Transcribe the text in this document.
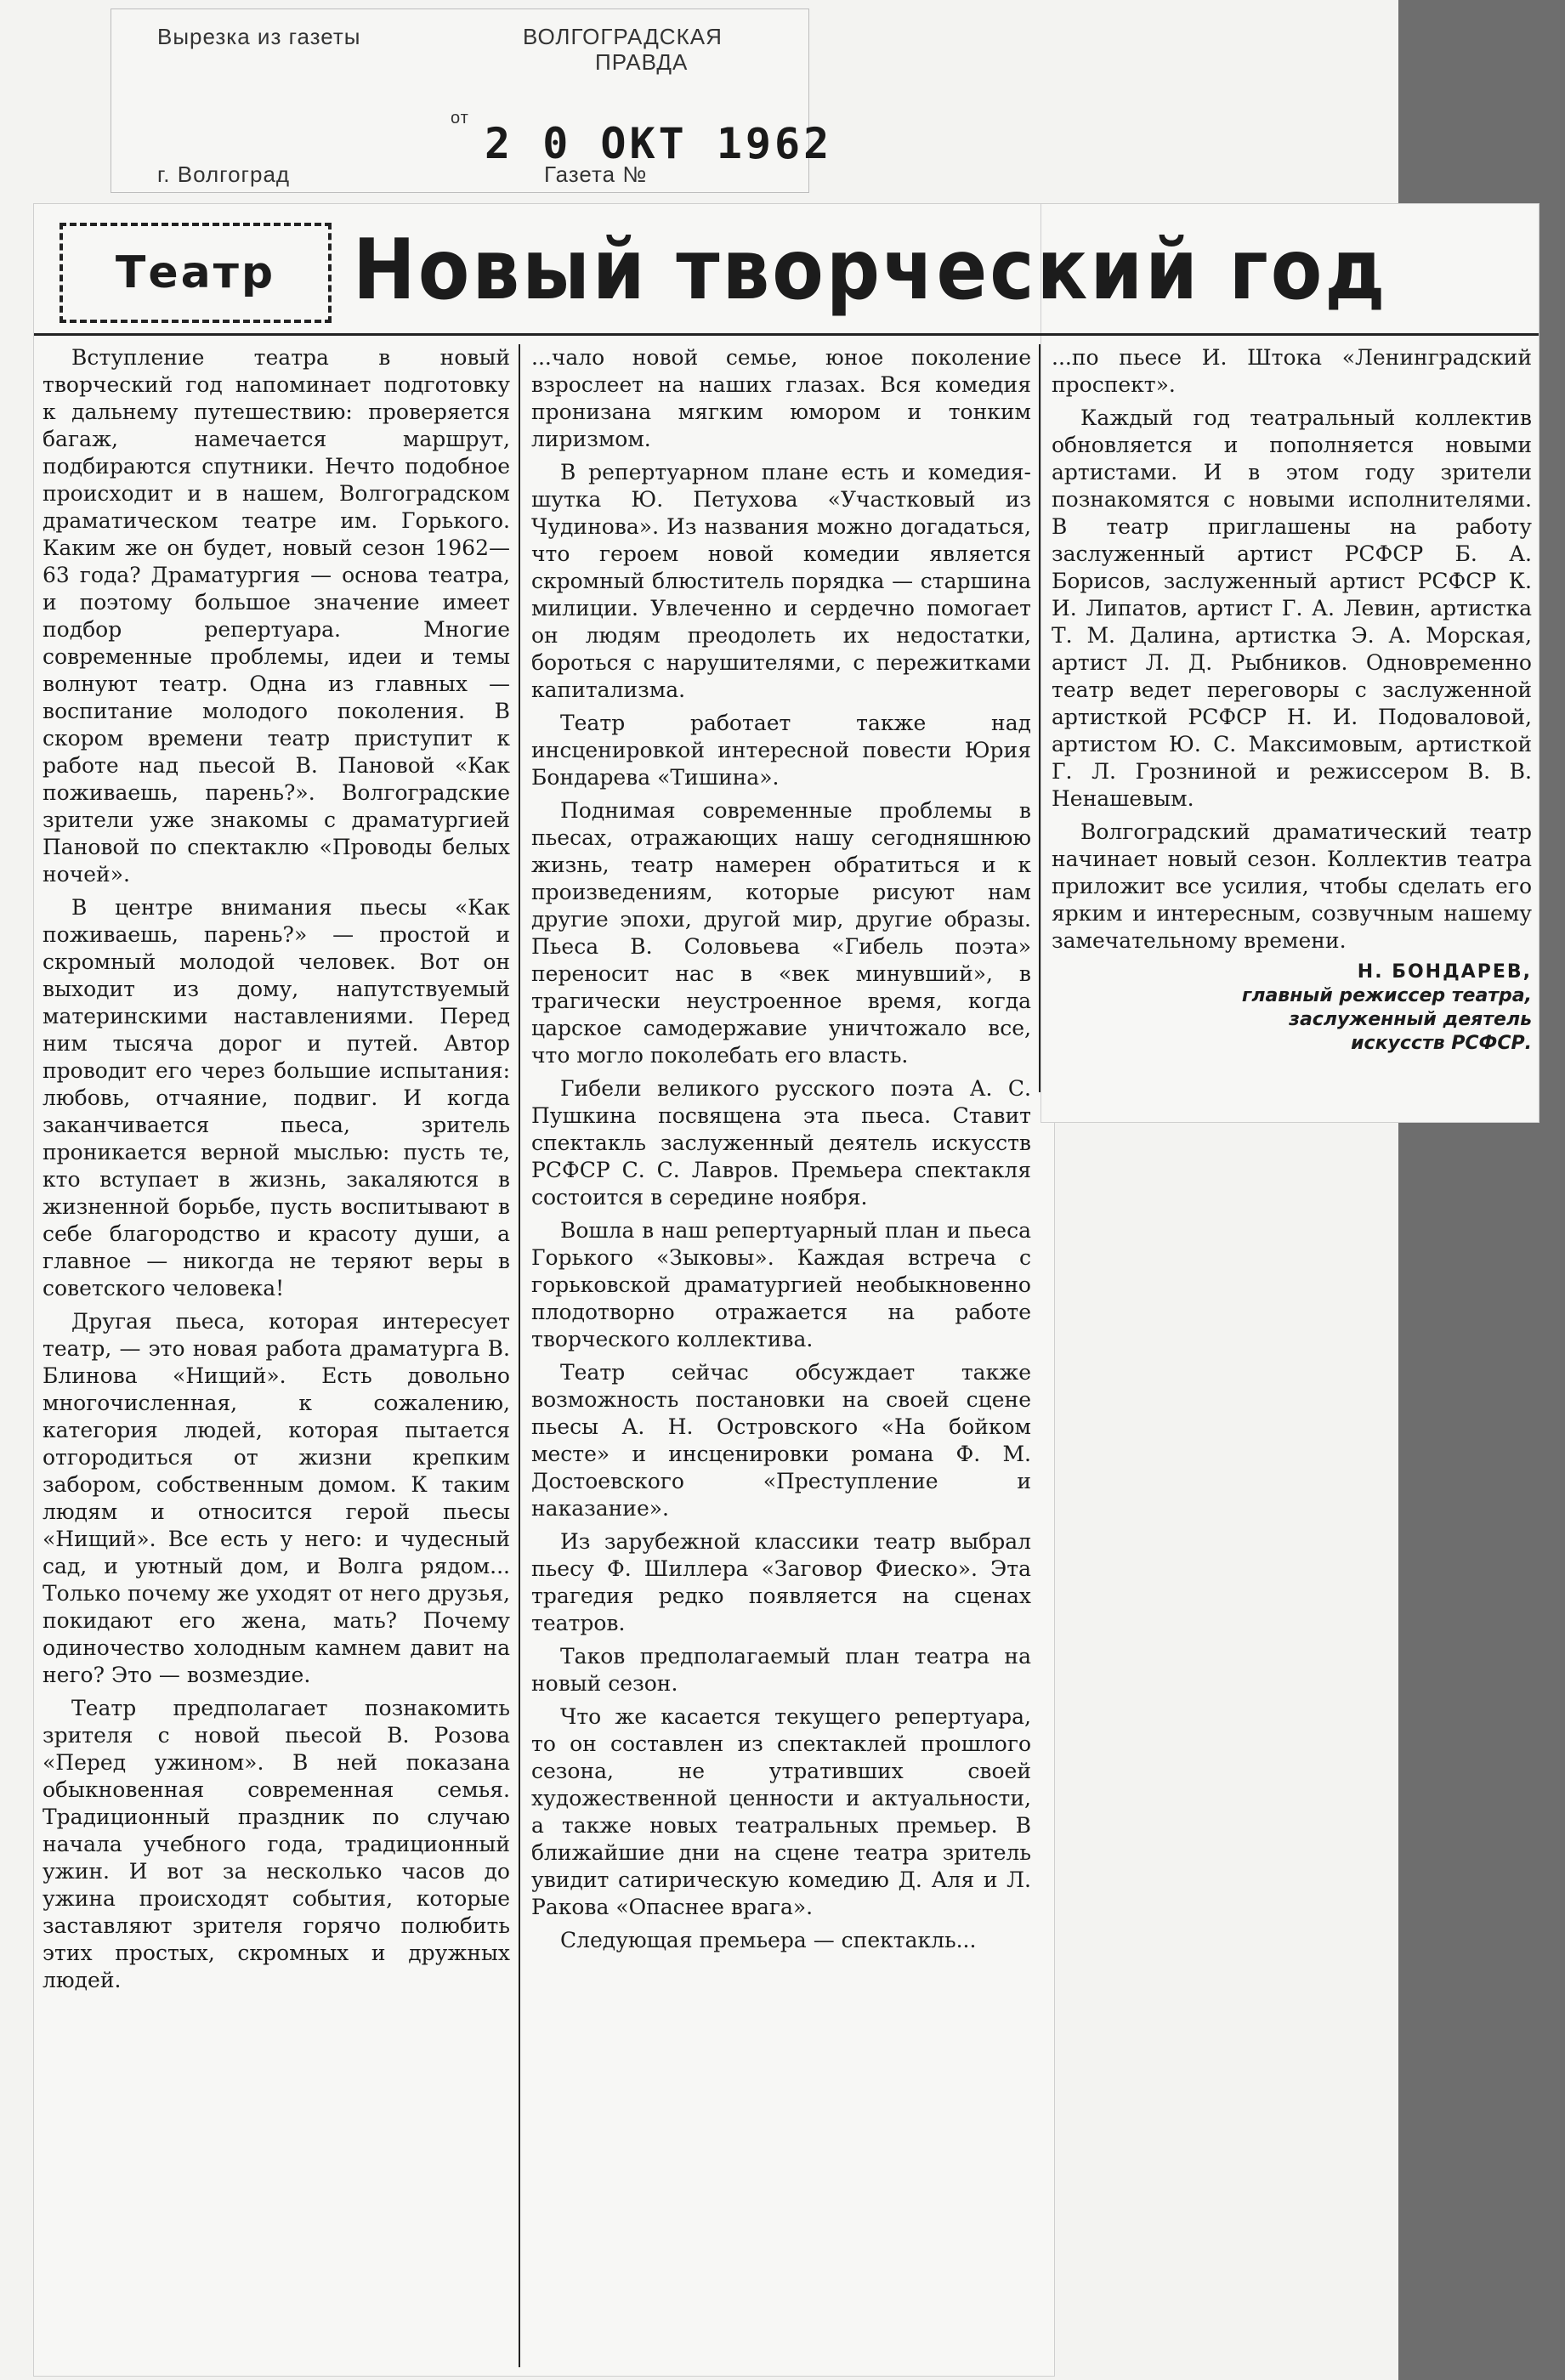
Вырезка из газеты	ВОЛГОГРАДСКАЯ
ПРАВДА
от
2 0 ОКТ 1962
г. Волгоград	Газета №
Театр Новый творческий год

Вступление театра в новый творческий год напоминает подготовку к дальнему путешествию: проверяется багаж, намечается маршрут, подбираются спутники. Нечто подобное происходит и в нашем, Волгоградском драматическом театре им. Горького. Каким же он будет, новый сезон 1962—63 года? Драматургия — основа театра, и поэтому большое значение имеет подбор репертуара. Многие современные проблемы, идеи и темы волнуют театр. Одна из главных — воспитание молодого поколения. В скором времени театр приступит к работе над пьесой В. Пановой «Как поживаешь, парень?». Волгоградские зрители уже знакомы с драматургией Пановой по спектаклю «Проводы белых ночей».

В центре внимания пьесы «Как поживаешь, парень?» — простой и скромный молодой человек. Вот он выходит из дому, напутствуемый материнскими наставлениями. Перед ним тысяча дорог и путей. Автор проводит его через большие испытания: любовь, отчаяние, подвиг. И когда заканчивается пьеса, зритель проникается верной мыслью: пусть те, кто вступает в жизнь, закаляются в жизненной борьбе, пусть воспитывают в себе благородство и красоту души, а главное — никогда не теряют веры в советского человека!

Другая пьеса, которая интересует театр, — это новая работа драматурга В. Блинова «Нищий». Есть довольно многочисленная, к сожалению, категория людей, которая пытается отгородиться от жизни крепким забором, собственным домом. К таким людям и относится герой пьесы «Нищий». Все есть у него: и чудесный сад, и уютный дом, и Волга рядом... Только почему же уходят от него друзья, покидают его жена, мать? Почему одиночество холодным камнем давит на него? Это — возмездие.

Театр предполагает познакомить зрителя с новой пьесой В. Розова «Перед ужином». В ней показана обыкновенная современная семья. Традиционный праздник по случаю начала учебного года, традиционный ужин. И вот за несколько часов до ужина происходят события, которые заставляют зрителя горячо полюбить этих простых, скромных и дружных людей.

...чало новой семье, юное поколение взрослеет на наших глазах. Вся комедия пронизана мягким юмором и тонким лиризмом.

В репертуарном плане есть и комедия-шутка Ю. Петухова «Участковый из Чудинова». Из названия можно догадаться, что героем новой комедии является скромный блюститель порядка — старшина милиции. Увлеченно и сердечно помогает он людям преодолеть их недостатки, бороться с нарушителями, с пережитками капитализма.

Театр работает также над инсценировкой интересной повести Юрия Бондарева «Тишина».

Поднимая современные проблемы в пьесах, отражающих нашу сегодняшнюю жизнь, театр намерен обратиться и к произведениям, которые рисуют нам другие эпохи, другой мир, другие образы. Пьеса В. Соловьева «Гибель поэта» переносит нас в «век минувший», в трагически неустроенное время, когда царское самодержавие уничтожало все, что могло поколебать его власть.

Гибели великого русского поэта А. С. Пушкина посвящена эта пьеса. Ставит спектакль заслуженный деятель искусств РСФСР С. С. Лавров. Премьера спектакля состоится в середине ноября.

Вошла в наш репертуарный план и пьеса Горького «Зыковы». Каждая встреча с горьковской драматургией необыкновенно плодотворно отражается на работе творческого коллектива.

Театр сейчас обсуждает также возможность постановки на своей сцене пьесы А. Н. Островского «На бойком месте» и инсценировки романа Ф. М. Достоевского «Преступление и наказание».

Из зарубежной классики театр выбрал пьесу Ф. Шиллера «Заговор Фиеско». Эта трагедия редко появляется на сценах театров.

Таков предполагаемый план театра на новый сезон.

Что же касается текущего репертуара, то он составлен из спектаклей прошлого сезона, не утративших своей художественной ценности и актуальности, а также новых театральных премьер. В ближайшие дни на сцене театра зритель увидит сатирическую комедию Д. Аля и Л. Ракова «Опаснее врага».

Следующая премьера — спектакль...

...по пьесе И. Штока «Ленинградский проспект».

Каждый год театральный коллектив обновляется и пополняется новыми артистами. И в этом году зрители познакомятся с новыми исполнителями. В театр приглашены на работу заслуженный артист РСФСР Б. А. Борисов, заслуженный артист РСФСР К. И. Липатов, артист Г. А. Левин, артистка Т. М. Далина, артистка Э. А. Морская, артист Л. Д. Рыбников. Одновременно театр ведет переговоры с заслуженной артисткой РСФСР Н. И. Подоваловой, артистом Ю. С. Максимовым, артисткой Г. Л. Грозниной и режиссером В. В. Ненашевым.

Волгоградский драматический театр начинает новый сезон. Коллектив театра приложит все усилия, чтобы сделать его ярким и интересным, созвучным нашему замечательному времени.

Н. БОНДАРЕВ,
главный режиссер театра,
заслуженный деятель
искусств РСФСР.
